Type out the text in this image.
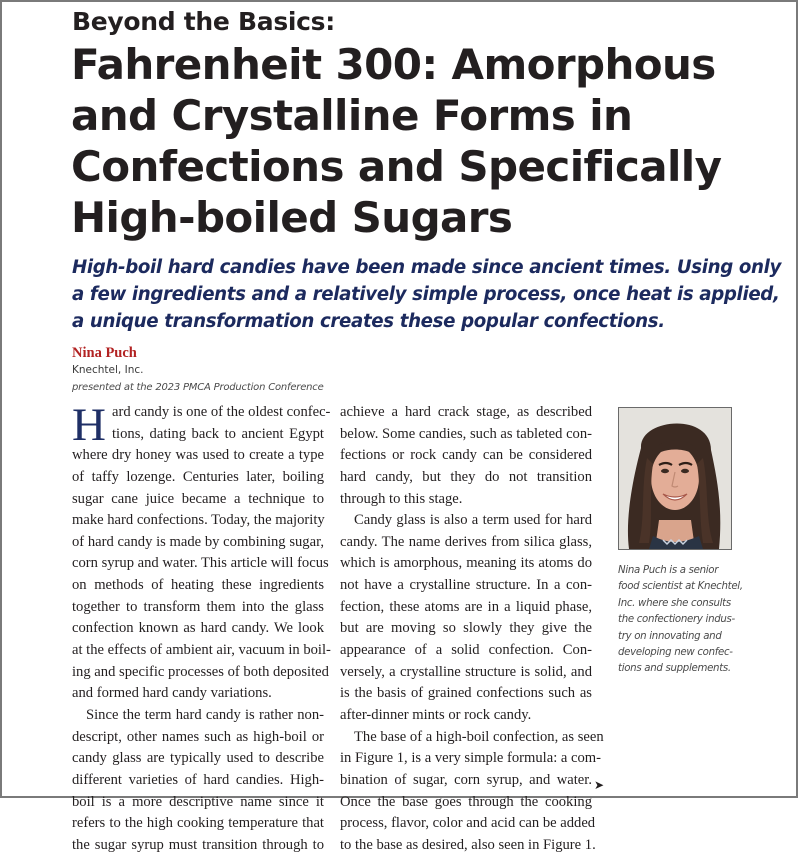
Beyond the Basics:
Fahrenheit 300: Amorphous
and Crystalline Forms in
Confections and Specifically
High-boiled Sugars
High-boil hard candies have been made since ancient times. Using only
a few ingredients and a relatively simple process, once heat is applied,
a unique transformation creates these popular confections.
Nina Puch
Knechtel, Inc.
presented at the 2023 PMCA Production Conference
H ard candy is one of the oldest confec-
tions, dating back to ancient Egypt
where dry honey was used to create a type
of taffy lozenge. Centuries later, boiling
sugar cane juice became a technique to
make hard confections. Today, the majority
of hard candy is made by combining sugar,
corn syrup and water. This article will focus
on methods of heating these ingredients
together to transform them into the glass
confection known as hard candy. We look
at the effects of ambient air, vacuum in boil-
ing and specific processes of both deposited
and formed hard candy variations.
Since the term hard candy is rather non-
descript, other names such as high-boil or
candy glass are typically used to describe
different varieties of hard candies. High-
boil is a more descriptive name since it
refers to the high cooking temperature that
the sugar syrup must transition through to
achieve a hard crack stage, as described
below. Some candies, such as tableted con-
fections or rock candy can be considered
hard candy, but they do not transition
through to this stage.
Candy glass is also a term used for hard
candy. The name derives from silica glass,
which is amorphous, meaning its atoms do
not have a crystalline structure. In a con-
fection, these atoms are in a liquid phase,
but are moving so slowly they give the
appearance of a solid confection. Con-
versely, a crystalline structure is solid, and
is the basis of grained confections such as
after-dinner mints or rock candy.
The base of a high-boil confection, as seen
in Figure 1, is a very simple formula: a com-
bination of sugar, corn syrup, and water.
Once the base goes through the cooking
process, flavor, color and acid can be added
to the base as desired, also seen in Figure 1.
➤
Nina Puch is a senior
food scientist at Knechtel,
Inc. where she consults
the confectionery indus-
try on innovating and
developing new confec-
tions and supplements.
